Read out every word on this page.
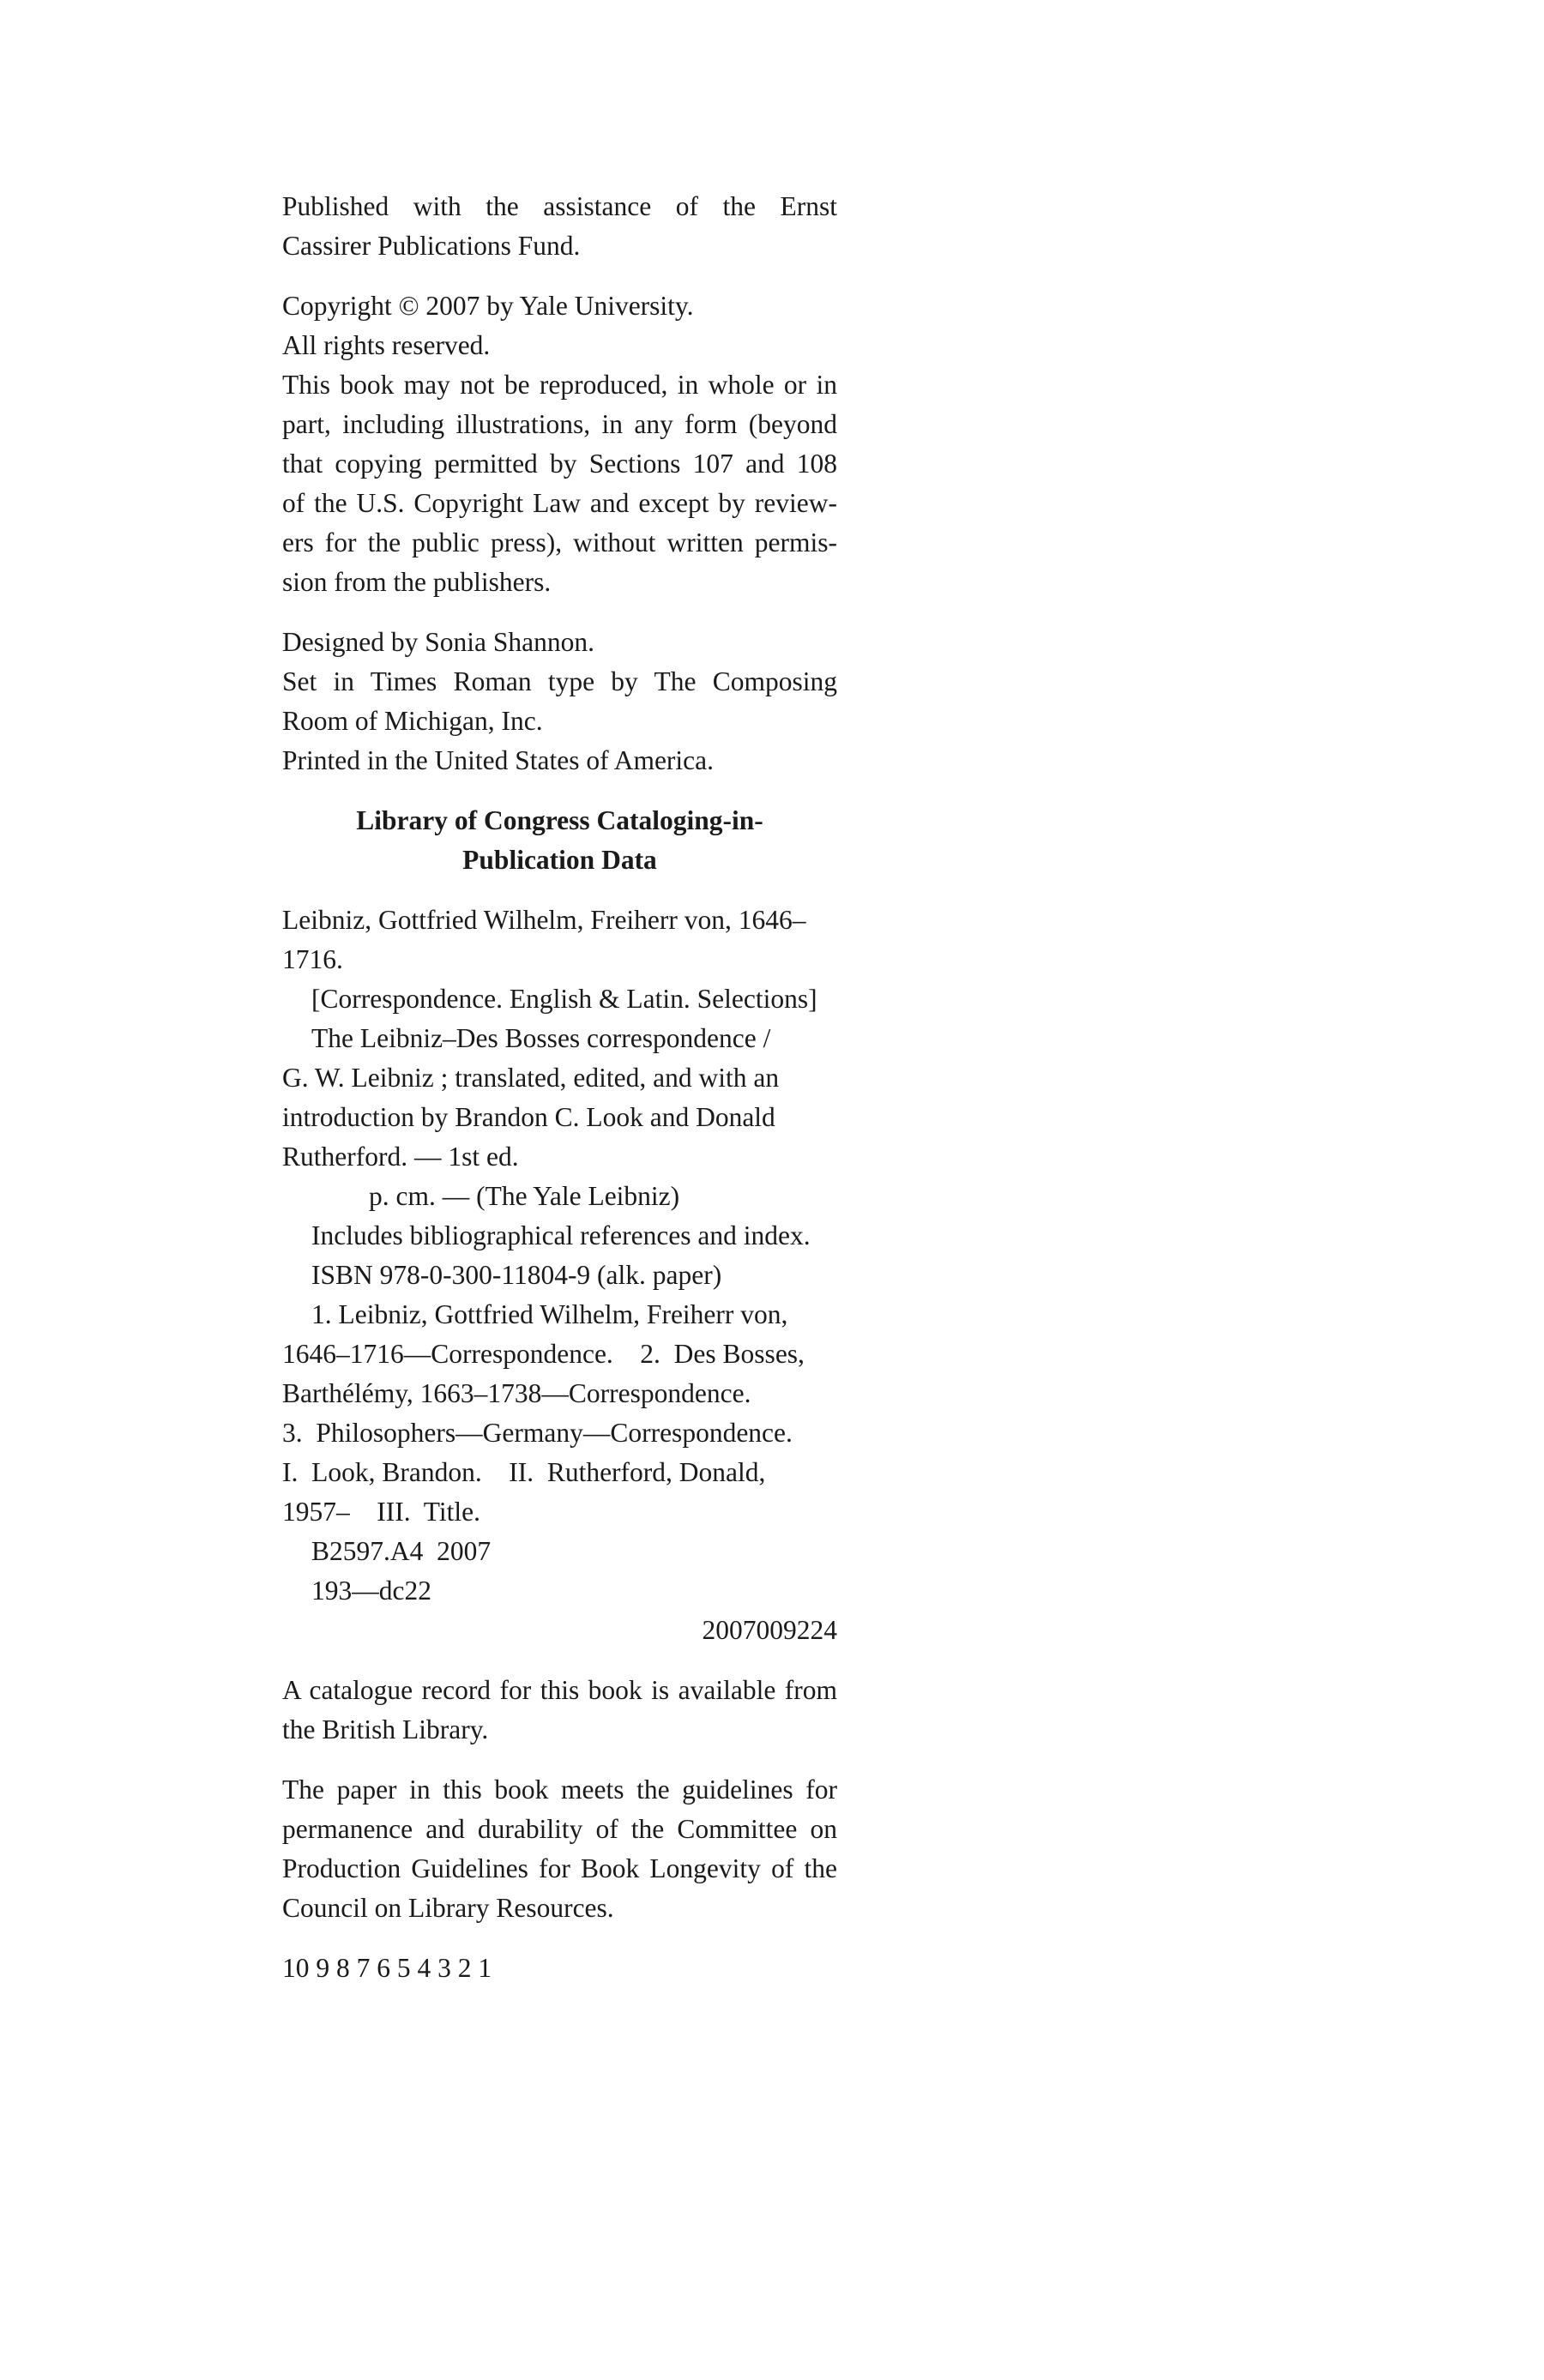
Published with the assistance of the Ernst
Cassirer Publications Fund.
Copyright © 2007 by Yale University.
All rights reserved.
This book may not be reproduced, in whole or in
part, including illustrations, in any form (beyond
that copying permitted by Sections 107 and 108
of the U.S. Copyright Law and except by review-
ers for the public press), without written permis-
sion from the publishers.
Designed by Sonia Shannon.
Set in Times Roman type by The Composing
Room of Michigan, Inc.
Printed in the United States of America.
Library of Congress Cataloging-in-
Publication Data
Leibniz, Gottfried Wilhelm, Freiherr von, 1646–
1716.
[Correspondence. English & Latin. Selections]
The Leibniz–Des Bosses correspondence /
G. W. Leibniz ; translated, edited, and with an
introduction by Brandon C. Look and Donald
Rutherford. — 1st ed.
p. cm. — (The Yale Leibniz)
Includes bibliographical references and index.
ISBN 978-0-300-11804-9 (alk. paper)
1. Leibniz, Gottfried Wilhelm, Freiherr von,
1646–1716—Correspondence.    2.  Des Bosses,
Barthélémy, 1663–1738—Correspondence.
3.  Philosophers—Germany—Correspondence.
I.  Look, Brandon.    II.  Rutherford, Donald,
1957–    III.  Title.
B2597.A4  2007
193—dc22
2007009224
A catalogue record for this book is available from
the British Library.
The paper in this book meets the guidelines for
permanence and durability of the Committee on
Production Guidelines for Book Longevity of the
Council on Library Resources.
10 9 8 7 6 5 4 3 2 1
